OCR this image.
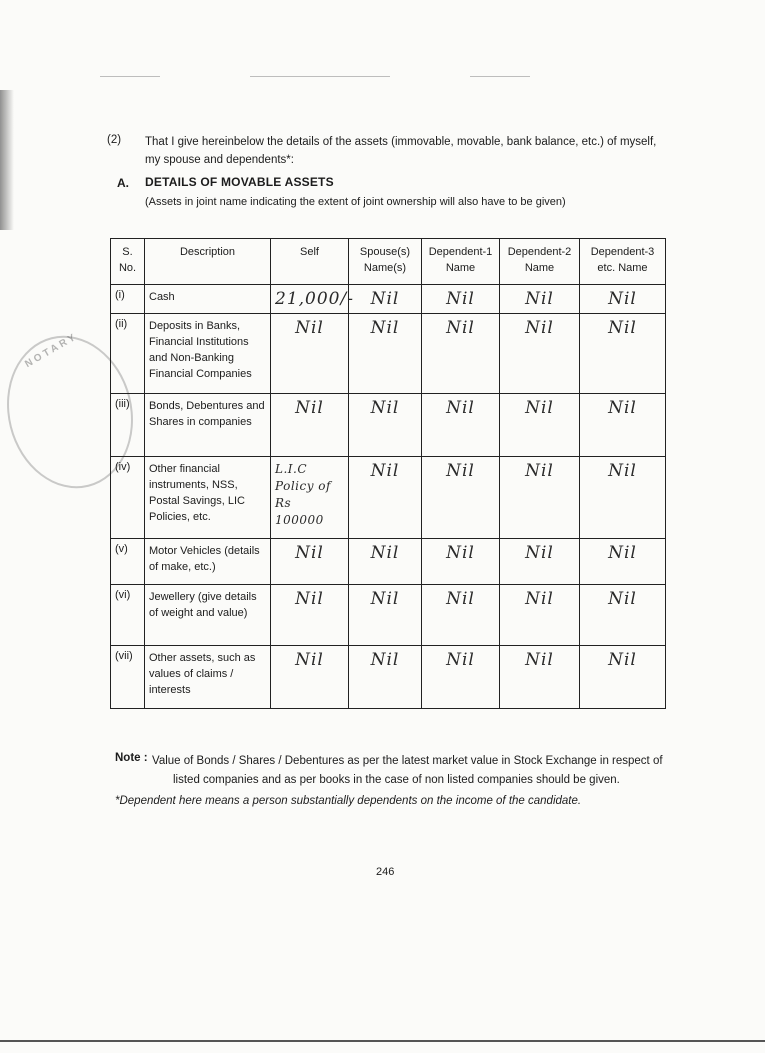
NOTARY
(2) That I give hereinbelow the details of the assets (immovable, movable, bank balance, etc.) of myself, my spouse and dependents*:
A. DETAILS OF MOVABLE ASSETS
(Assets in joint name indicating the extent of joint ownership will also have to be given)
S. No.	Description	Self	Spouse(s) Name(s)	Dependent-1 Name	Dependent-2 Name	Dependent-3 etc. Name
(i)	Cash	21,000/-	Nil	Nil	Nil	Nil
(ii)	Deposits in Banks, Financial Institutions and Non-Banking Financial Companies	Nil	Nil	Nil	Nil	Nil
(iii)	Bonds, Debentures and Shares in companies	Nil	Nil	Nil	Nil	Nil
(iv)	Other financial instruments, NSS, Postal Savings, LIC Policies, etc.	L.I.C Policy of Rs 100000	Nil	Nil	Nil	Nil
(v)	Motor Vehicles (details of make, etc.)	Nil	Nil	Nil	Nil	Nil
(vi)	Jewellery (give details of weight and value)	Nil	Nil	Nil	Nil	Nil
(vii)	Other assets, such as values of claims / interests	Nil	Nil	Nil	Nil	Nil
Note : Value of Bonds / Shares / Debentures as per the latest market value in Stock Exchange in respect of listed companies and as per books in the case of non listed companies should be given.
*Dependent here means a person substantially dependents on the income of the candidate.
246
